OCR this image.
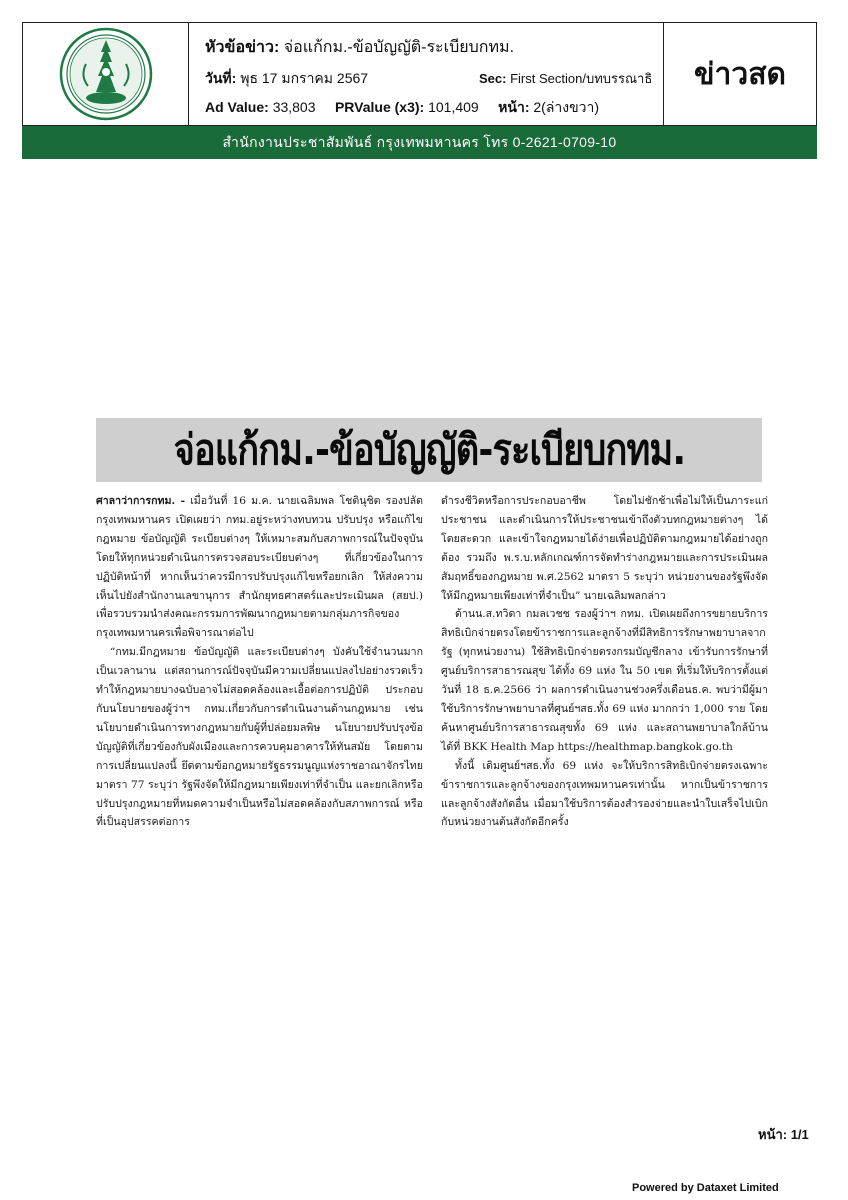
หัวข้อข่าว: จ่อแก้กม.-ข้อบัญญัติ-ระเบียบกทม.
วันที่: พุธ 17 มกราคม 2567	Sec: First Section/บทบรรณาธิ
Ad Value: 33,803 PRValue (x3): 101,409 หน้า: 2(ล่างขวา)
ข่าวสด
สำนักงานประชาสัมพันธ์ กรุงเทพมหานคร โทร 0-2621-0709-10
จ่อแก้กม.-ข้อบัญญัติ-ระเบียบกทม.

ศาลาว่าการกทม. - เมื่อวันที่ 16 ม.ค. นายเฉลิมพล โชตินุชิต รองปลัดกรุงเทพมหานคร เปิดเผยว่า กทม.อยู่ระหว่างทบทวน ปรับปรุง หรือแก้ไขกฎหมาย ข้อบัญญัติ ระเบียบต่างๆ ให้เหมาะสมกับสภาพการณ์ในปัจจุบัน โดยให้ทุกหน่วยดำเนินการตรวจสอบระเบียบต่างๆ ที่เกี่ยวข้องในการปฏิบัติหน้าที่ หากเห็นว่าควรมีการปรับปรุงแก้ไขหรือยกเลิก ให้ส่งความเห็นไปยังสำนักงานเลขานุการ สำนักยุทธศาสตร์และประเมินผล (สยป.) เพื่อรวบรวมนำส่งคณะกรรมการพัฒนากฎหมายตามกลุ่มภารกิจของกรุงเทพมหานครเพื่อพิจารณาต่อไป

“กทม.มีกฎหมาย ข้อบัญญัติ และระเบียบต่างๆ บังคับใช้จำนวนมากเป็นเวลานาน แต่สถานการณ์ปัจจุบันมีความเปลี่ยนแปลงไปอย่างรวดเร็ว ทำให้กฎหมายบางฉบับอาจไม่สอดคล้องและเอื้อต่อการปฏิบัติ ประกอบกับนโยบายของผู้ว่าฯ กทม.เกี่ยวกับการดำเนินงานด้านกฎหมาย เช่น นโยบายดำเนินการทางกฎหมายกับผู้ที่ปล่อยมลพิษ นโยบายปรับปรุงข้อบัญญัติที่เกี่ยวข้องกับผังเมืองและการควบคุมอาคารให้ทันสมัย โดยตามการเปลี่ยนแปลงนี้ ยึดตามข้อกฎหมายรัฐธรรมนูญแห่งราชอาณาจักรไทย มาตรา 77 ระบุว่า รัฐพึงจัดให้มีกฎหมายเพียงเท่าที่จำเป็น และยกเลิกหรือปรับปรุงกฎหมายที่หมดความจำเป็นหรือไม่สอดคล้องกับสภาพการณ์ หรือที่เป็นอุปสรรคต่อการ

ดำรงชีวิตหรือการประกอบอาชีพ โดยไม่ชักช้าเพื่อไม่ให้เป็นภาระแก่ประชาชน และดำเนินการให้ประชาชนเข้าถึงตัวบทกฎหมายต่างๆ ได้โดยสะดวก และเข้าใจกฎหมายได้ง่ายเพื่อปฏิบัติตามกฎหมายได้อย่างถูกต้อง รวมถึง พ.ร.บ.หลักเกณฑ์การจัดทำร่างกฎหมายและการประเมินผลสัมฤทธิ์ของกฎหมาย พ.ศ.2562 มาตรา 5 ระบุว่า หน่วยงานของรัฐพึงจัดให้มีกฎหมายเพียงเท่าที่จำเป็น” นายเฉลิมพลกล่าว

ด้านน.ส.ทวิดา กมลเวชช รองผู้ว่าฯ กทม. เปิดเผยถึงการขยายบริการสิทธิเบิกจ่ายตรงโดยข้าราชการและลูกจ้างที่มีสิทธิการรักษาพยาบาลจากรัฐ (ทุกหน่วยงาน) ใช้สิทธิเบิกจ่ายตรงกรมบัญชีกลาง เข้ารับการรักษาที่ศูนย์บริการสาธารณสุข ได้ทั้ง 69 แห่ง ใน 50 เขต ที่เริ่มให้บริการตั้งแต่วันที่ 18 ธ.ค.2566 ว่า ผลการดำเนินงานช่วงครึ่งเดือนธ.ค. พบว่ามีผู้มาใช้บริการรักษาพยาบาลที่ศูนย์ฯสธ.ทั้ง 69 แห่ง มากกว่า 1,000 ราย โดยค้นหาศูนย์บริการสาธารณสุขทั้ง 69 แห่ง และสถานพยาบาลใกล้บ้านได้ที่ BKK Health Map https://healthmap.bangkok.go.th

ทั้งนี้ เดิมศูนย์ฯสธ.ทั้ง 69 แห่ง จะให้บริการสิทธิเบิกจ่ายตรงเฉพาะข้าราชการและลูกจ้างของกรุงเทพมหานครเท่านั้น หากเป็นข้าราชการและลูกจ้างสังกัดอื่น เมื่อมาใช้บริการต้องสำรองจ่ายและนำใบเสร็จไปเบิกกับหน่วยงานต้นสังกัดอีกครั้ง

หน้า: 1/1
Powered by Dataxet Limited
